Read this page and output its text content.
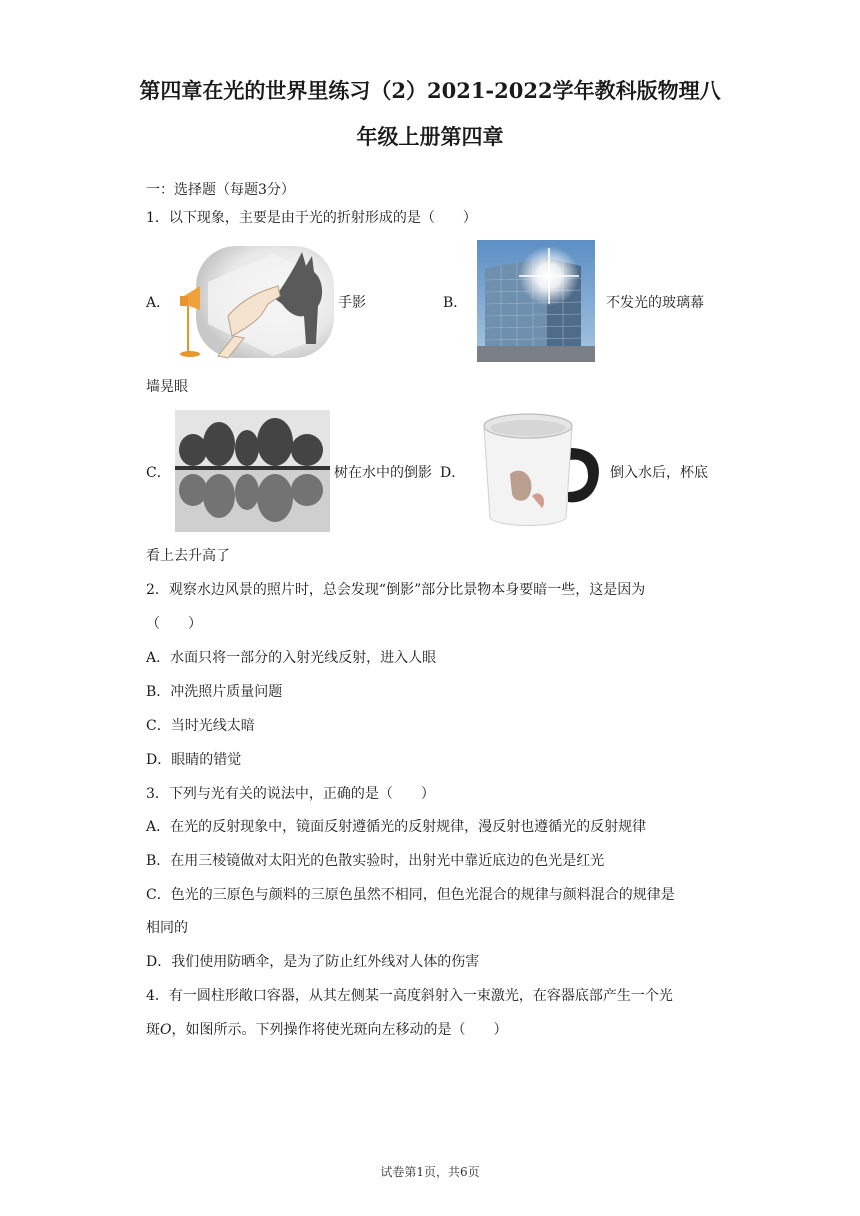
第四章在光的世界里练习（2）2021-2022学年教科版物理八
年级上册第四章
一：选择题（每题3分）
1．以下现象，主要是由于光的折射形成的是（　　）
A．	手影	B．	不发光的玻璃幕
墙晃眼
C．	树在水中的倒影 D．	倒入水后，杯底
看上去升高了
2．观察水边风景的照片时，总会发现“倒影”部分比景物本身要暗一些，这是因为
（　　）
A．水面只将一部分的入射光线反射，进入人眼
B．冲洗照片质量问题
C．当时光线太暗
D．眼睛的错觉
3．下列与光有关的说法中，正确的是（　　）
A．在光的反射现象中，镜面反射遵循光的反射规律，漫反射也遵循光的反射规律
B．在用三棱镜做对太阳光的色散实验时，出射光中靠近底边的色光是红光
C．色光的三原色与颜料的三原色虽然不相同，但色光混合的规律与颜料混合的规律是
相同的
D．我们使用防晒伞，是为了防止红外线对人体的伤害
4．有一圆柱形敞口容器，从其左侧某一高度斜射入一束激光，在容器底部产生一个光
斑O，如图所示。下列操作将使光斑向左移动的是（　　）
试卷第1页，共6页
